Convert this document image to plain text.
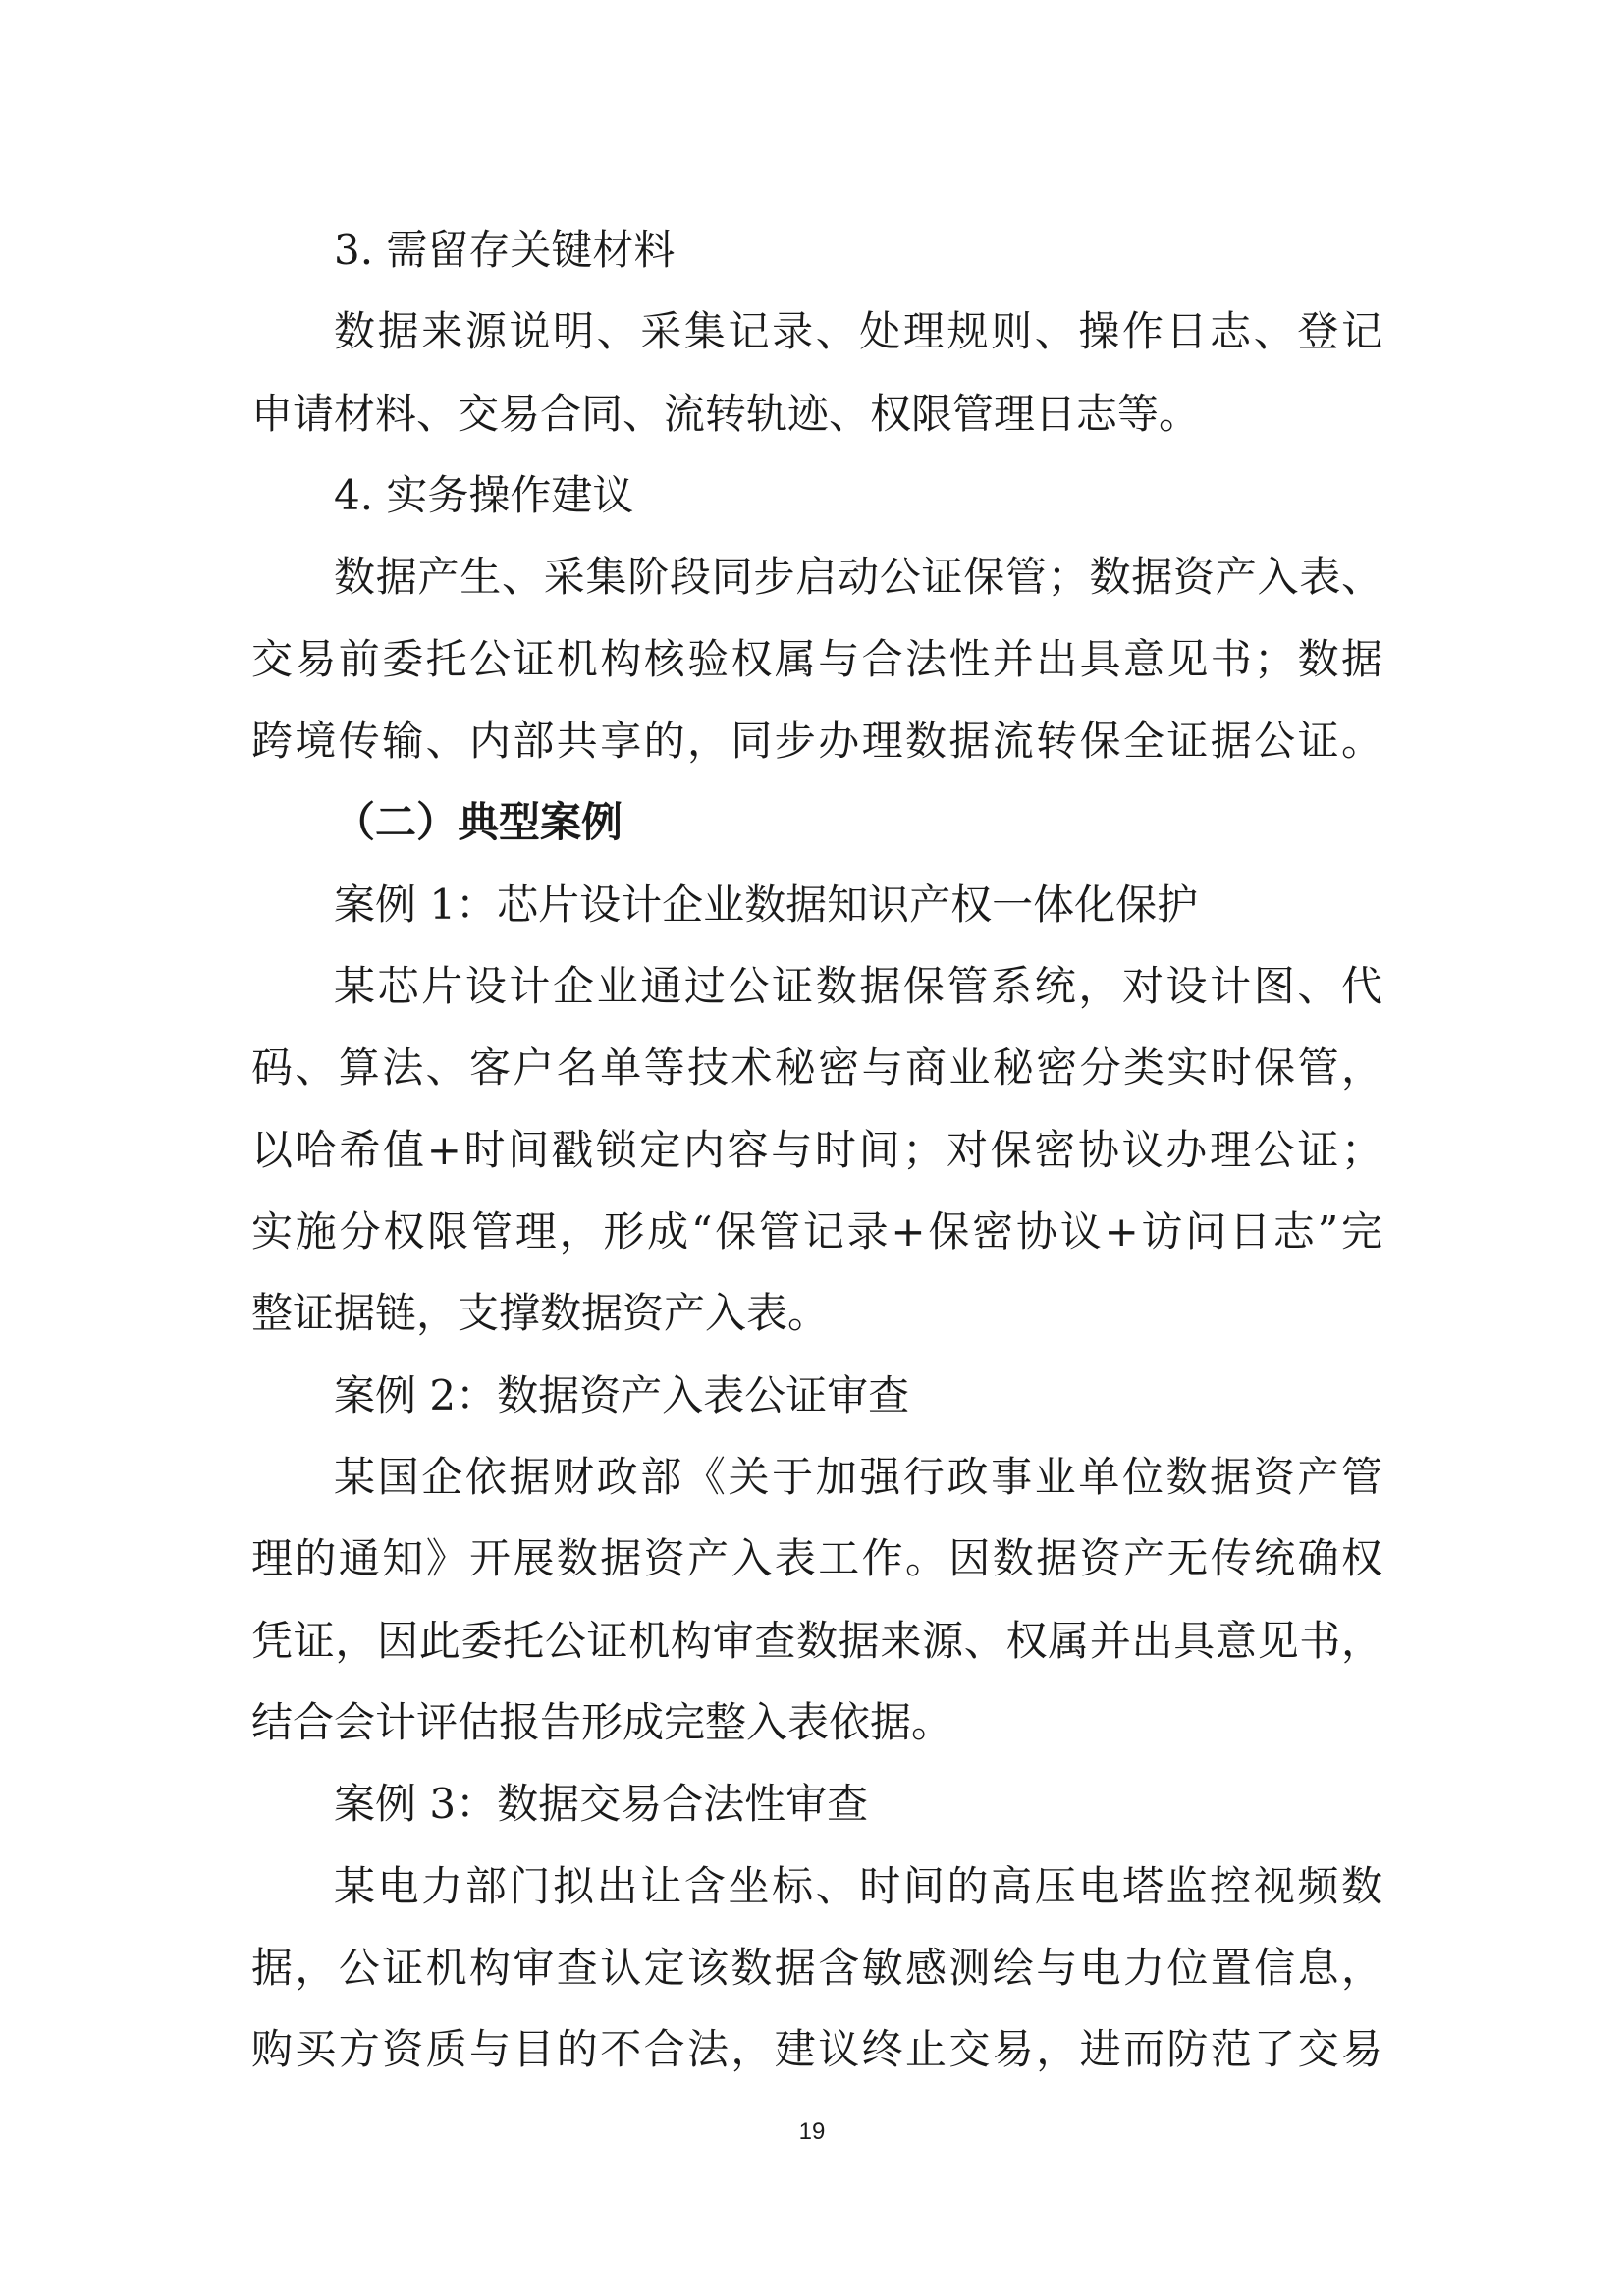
3. 需留存关键材料
数据来源说明、采集记录、处理规则、操作日志、登记
申请材料、交易合同、流转轨迹、权限管理日志等。
4. 实务操作建议
数据产生、采集阶段同步启动公证保管；数据资产入表、
交易前委托公证机构核验权属与合法性并出具意见书；数据
跨境传输、内部共享的，同步办理数据流转保全证据公证。
（二）典型案例
案例 1：芯片设计企业数据知识产权一体化保护
某芯片设计企业通过公证数据保管系统，对设计图、代
码、算法、客户名单等技术秘密与商业秘密分类实时保管，
以哈希值+时间戳锁定内容与时间；对保密协议办理公证；
实施分权限管理，形成“保管记录+保密协议+访问日志”完
整证据链，支撑数据资产入表。
案例 2：数据资产入表公证审查
某国企依据财政部《关于加强行政事业单位数据资产管
理的通知》开展数据资产入表工作。因数据资产无传统确权
凭证，因此委托公证机构审查数据来源、权属并出具意见书，
结合会计评估报告形成完整入表依据。
案例 3：数据交易合法性审查
某电力部门拟出让含坐标、时间的高压电塔监控视频数
据，公证机构审查认定该数据含敏感测绘与电力位置信息，
购买方资质与目的不合法，建议终止交易，进而防范了交易
19
